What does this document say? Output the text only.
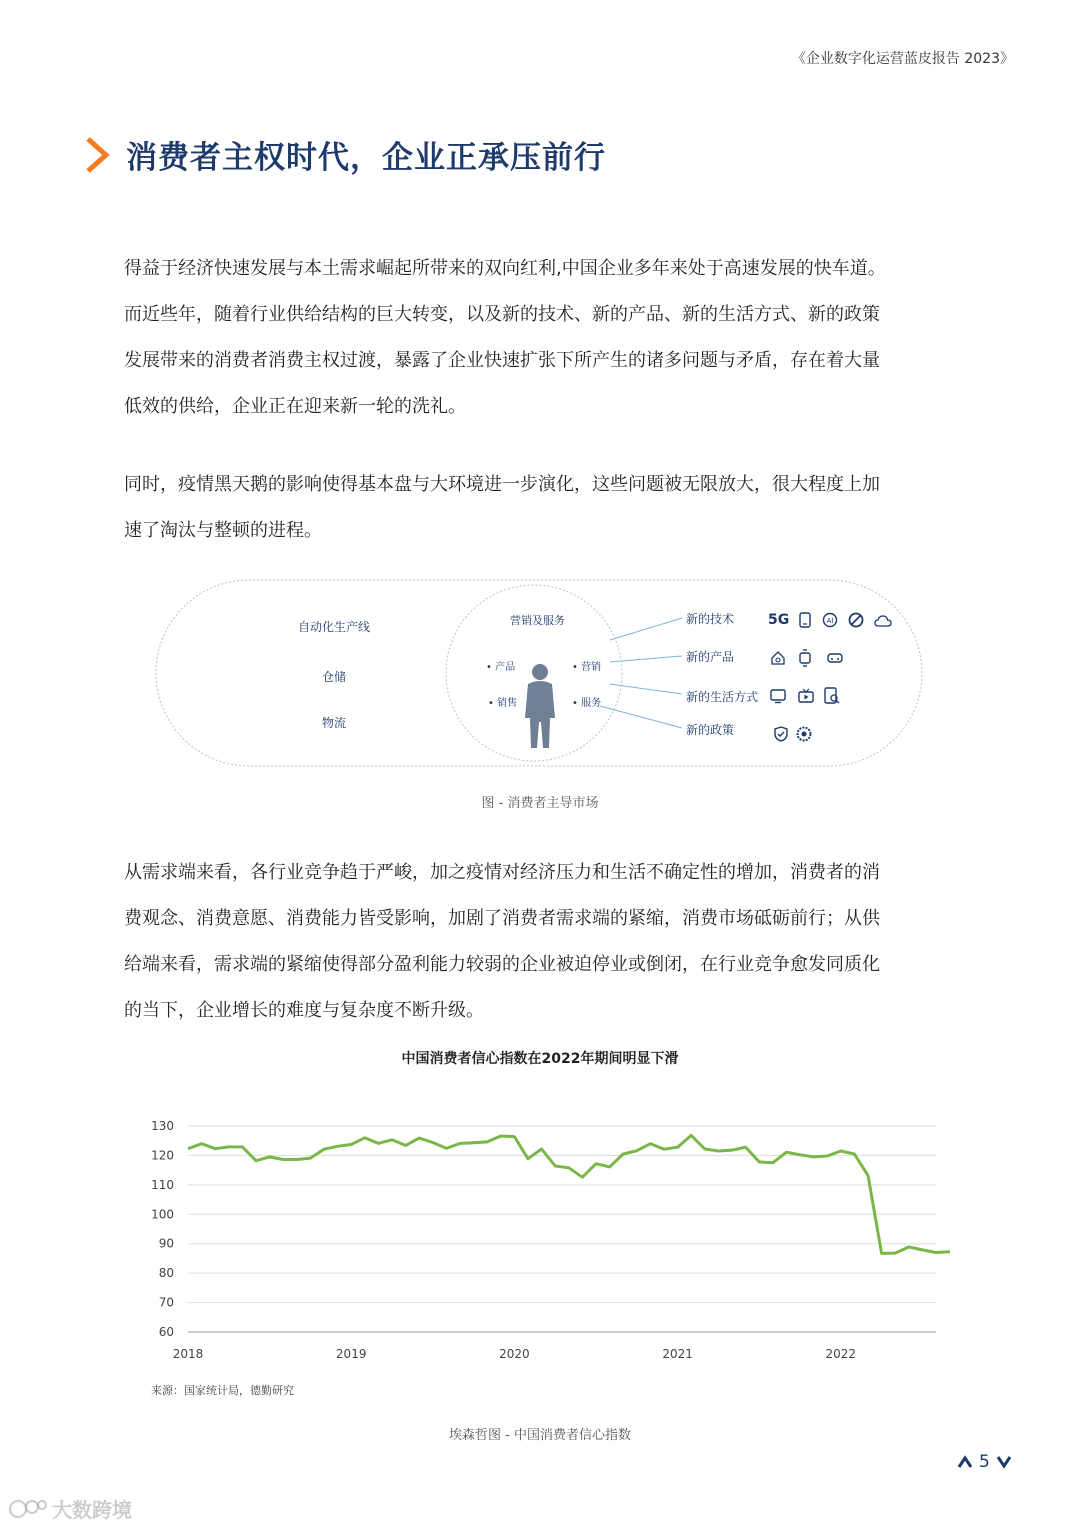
《企业数字化运营蓝皮报告 2023》
消费者主权时代，企业正承压前行
得益于经济快速发展与本土需求崛起所带来的双向红利,中国企业多年来处于高速发展的快车道。
而近些年，随着行业供给结构的巨大转变，以及新的技术、新的产品、新的生活方式、新的政策
发展带来的消费者消费主权过渡，暴露了企业快速扩张下所产生的诸多问题与矛盾，存在着大量
低效的供给，企业正在迎来新一轮的洗礼。
同时，疫情黑天鹅的影响使得基本盘与大环境进一步演化，这些问题被无限放大，很大程度上加
速了淘汰与整顿的进程。
自动化生产线
仓储
物流
营销及服务
• 产品	• 营销
• 销售	• 服务
新的技术
新的产品
新的生活方式
新的政策
5G	AI
图 - 消费者主导市场
从需求端来看，各行业竞争趋于严峻，加之疫情对经济压力和生活不确定性的增加，消费者的消
费观念、消费意愿、消费能力皆受影响，加剧了消费者需求端的紧缩，消费市场砥砺前行；从供
给端来看，需求端的紧缩使得部分盈利能力较弱的企业被迫停业或倒闭，在行业竞争愈发同质化
的当下，企业增长的难度与复杂度不断升级。
中国消费者信心指数在2022年期间明显下滑
130
120
110
100
90
80
70
60
2018	2019	2020	2021	2022
来源：国家统计局，德勤研究
埃森哲图 - 中国消费者信心指数
5
大数跨境
